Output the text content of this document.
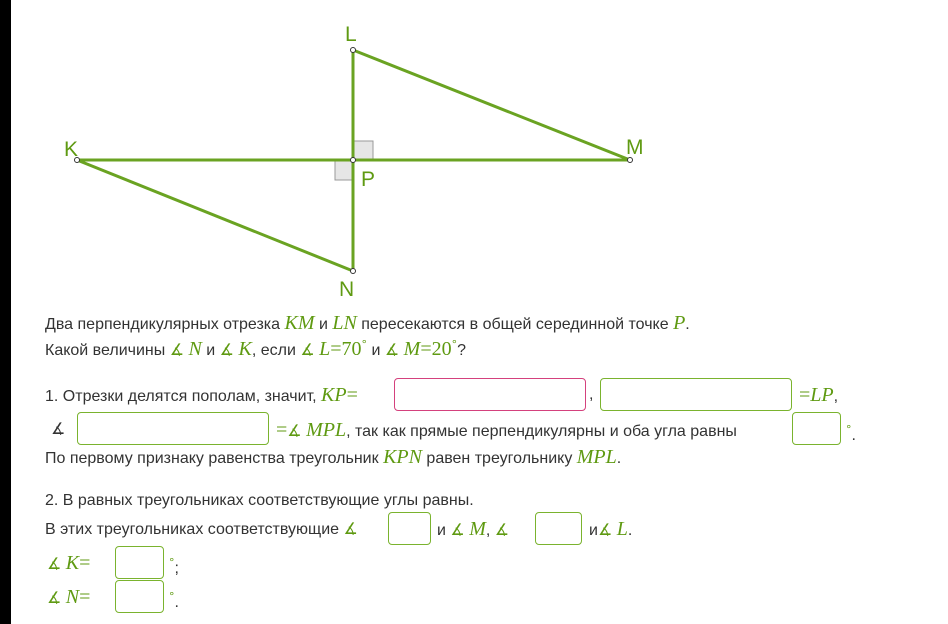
K
L
M
N
P
Два перпендикулярных отрезка KM и LN пересекаются в общей серединной точке P.
Какой величины ∡ N и ∡ K, если ∡ L=70° и ∡ M=20°?
1. Отрезки делятся пополам, значит, KP=	,	=LP,
∡	=∡ MPL, так как прямые перпендикулярны и оба угла равны	°.
По первому признаку равенства треугольник KPN равен треугольнику MPL.
2. В равных треугольниках соответствующие углы равны.
В этих треугольниках соответствующие ∡	и ∡ M, ∡	и∡ L.
∡ K=	°;
∡ N=	°.
